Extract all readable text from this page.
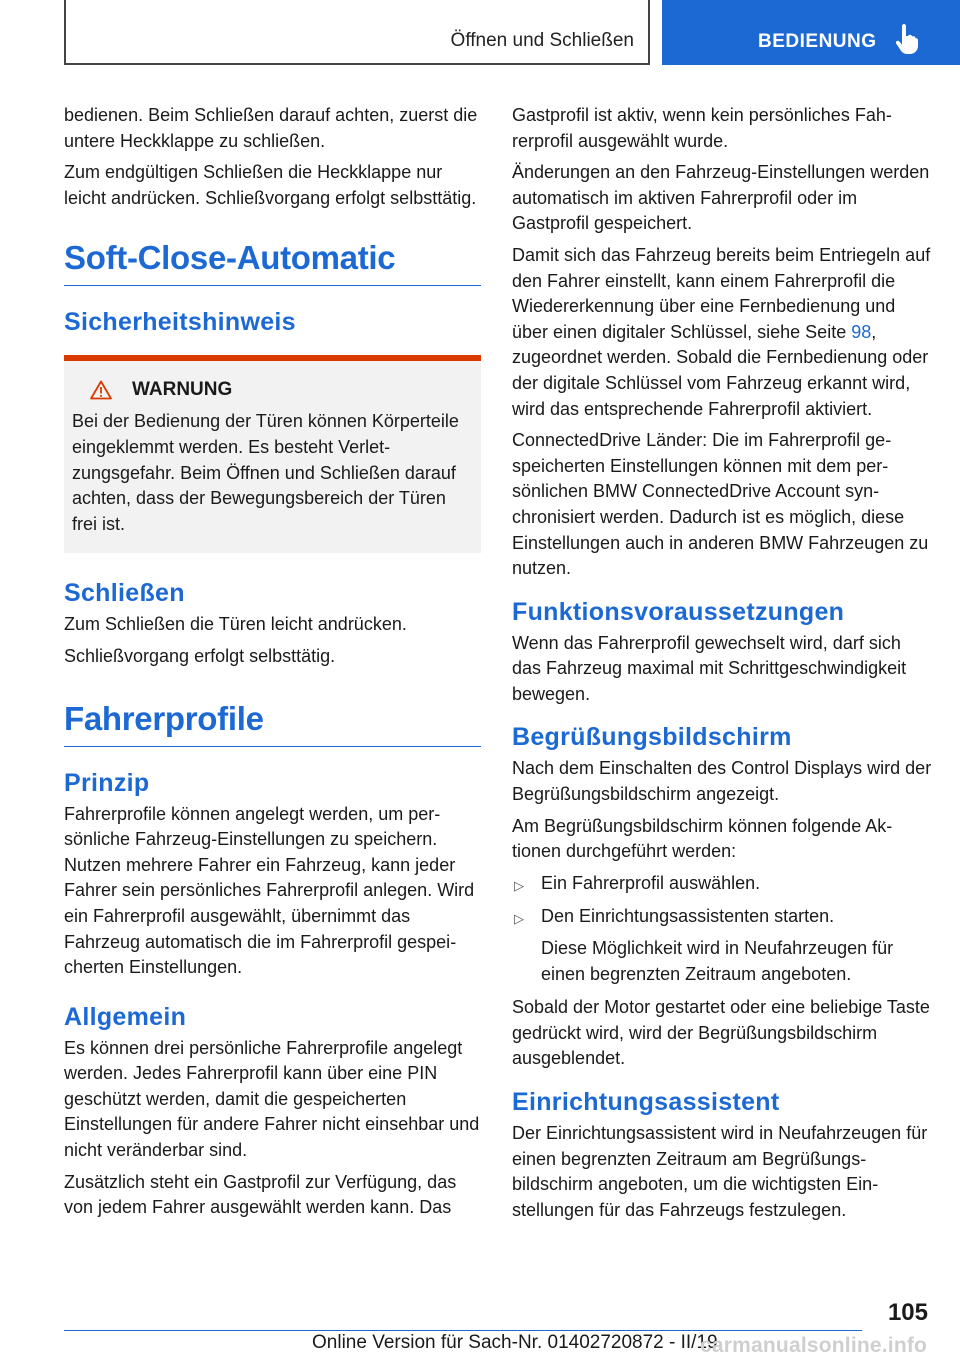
Öffnen und Schließen	BEDIENUNG

bedienen. Beim Schließen darauf achten, zuerst die untere Heckklappe zu schließen.

Zum endgültigen Schließen die Heckklappe nur leicht andrücken. Schließvorgang erfolgt selbsttätig.

Soft-Close-Automatic
Sicherheitshinweis
WARNUNG

Bei der Bedienung der Türen können Körperteile eingeklemmt werden. Es besteht Verletzungsgefahr. Beim Öffnen und Schließen darauf achten, dass der Bewegungsbereich der Türen frei ist.

Schließen

Zum Schließen die Türen leicht andrücken.

Schließvorgang erfolgt selbsttätig.

Fahrerprofile
Prinzip

Fahrerprofile können angelegt werden, um persönliche Fahrzeug-Einstellungen zu speichern. Nutzen mehrere Fahrer ein Fahrzeug, kann jeder Fahrer sein persönliches Fahrerprofil anlegen. Wird ein Fahrerprofil ausgewählt, übernimmt das Fahrzeug automatisch die im Fahrerprofil gespeicherten Einstellungen.

Allgemein

Es können drei persönliche Fahrerprofile angelegt werden. Jedes Fahrerprofil kann über eine PIN geschützt werden, damit die gespeicherten Einstellungen für andere Fahrer nicht einsehbar und nicht veränderbar sind.

Zusätzlich steht ein Gastprofil zur Verfügung, das von jedem Fahrer ausgewählt werden kann. Das

Gastprofil ist aktiv, wenn kein persönliches Fahrerprofil ausgewählt wurde.

Änderungen an den Fahrzeug-Einstellungen werden automatisch im aktiven Fahrerprofil oder im Gastprofil gespeichert.

Damit sich das Fahrzeug bereits beim Entriegeln auf den Fahrer einstellt, kann einem Fahrerprofil die Wiedererkennung über eine Fernbedienung und über einen digitaler Schlüssel, siehe Seite 98, zugeordnet werden. Sobald die Fernbedienung oder der digitale Schlüssel vom Fahrzeug erkannt wird, wird das entsprechende Fahrerprofil aktiviert.

ConnectedDrive Länder: Die im Fahrerprofil gespeicherten Einstellungen können mit dem persönlichen BMW ConnectedDrive Account synchronisiert werden. Dadurch ist es möglich, diese Einstellungen auch in anderen BMW Fahrzeugen zu nutzen.

Funktionsvoraussetzungen

Wenn das Fahrerprofil gewechselt wird, darf sich das Fahrzeug maximal mit Schrittgeschwindigkeit bewegen.

Begrüßungsbildschirm

Nach dem Einschalten des Control Displays wird der Begrüßungsbildschirm angezeigt.

Am Begrüßungsbildschirm können folgende Aktionen durchgeführt werden:

▷ Ein Fahrerprofil auswählen.
▷ Den Einrichtungsassistenten starten.
Diese Möglichkeit wird in Neufahrzeugen für einen begrenzten Zeitraum angeboten.

Sobald der Motor gestartet oder eine beliebige Taste gedrückt wird, wird der Begrüßungsbildschirm ausgeblendet.

Einrichtungsassistent

Der Einrichtungsassistent wird in Neufahrzeugen für einen begrenzten Zeitraum am Begrüßungsbildschirm angeboten, um die wichtigsten Einstellungen für das Fahrzeugs festzulegen.

105
Online Version für Sach-Nr. 01402720872 - II/19
carmanualsonline.info
